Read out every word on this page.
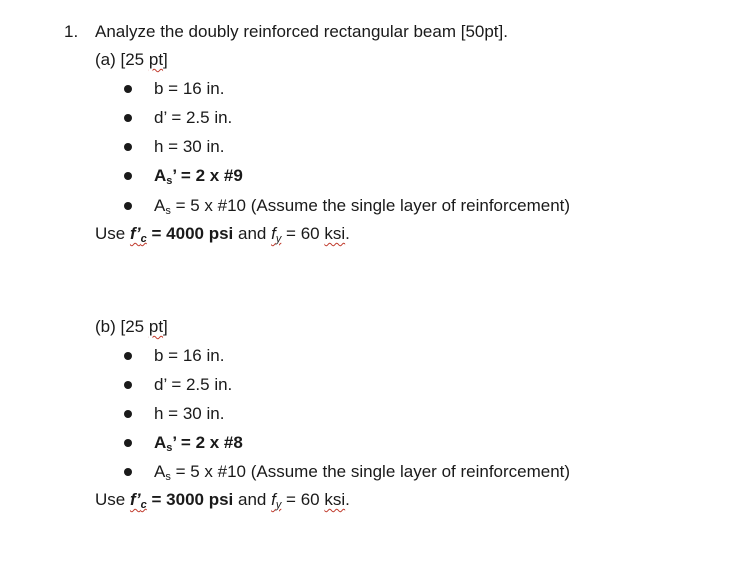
1. Analyze the doubly reinforced rectangular beam [50pt].
(a) [25 pt]
b = 16 in.
d’ = 2.5 in.
h = 30 in.
$A_s$’ = 2 x #9
$A_s = 5$ x #10 (Assume the single layer of reinforcement)
Use $f’_c = 4000$ psi and $f_y = 60$ ksi.
(b) [25 pt]
b = 16 in.
d’ = 2.5 in.
h = 30 in.
$A_s$’ = 2 x #8
$A_s = 5$ x #10 (Assume the single layer of reinforcement)
Use $f’_c = 3000$ psi and $f_y = 60$ ksi.
